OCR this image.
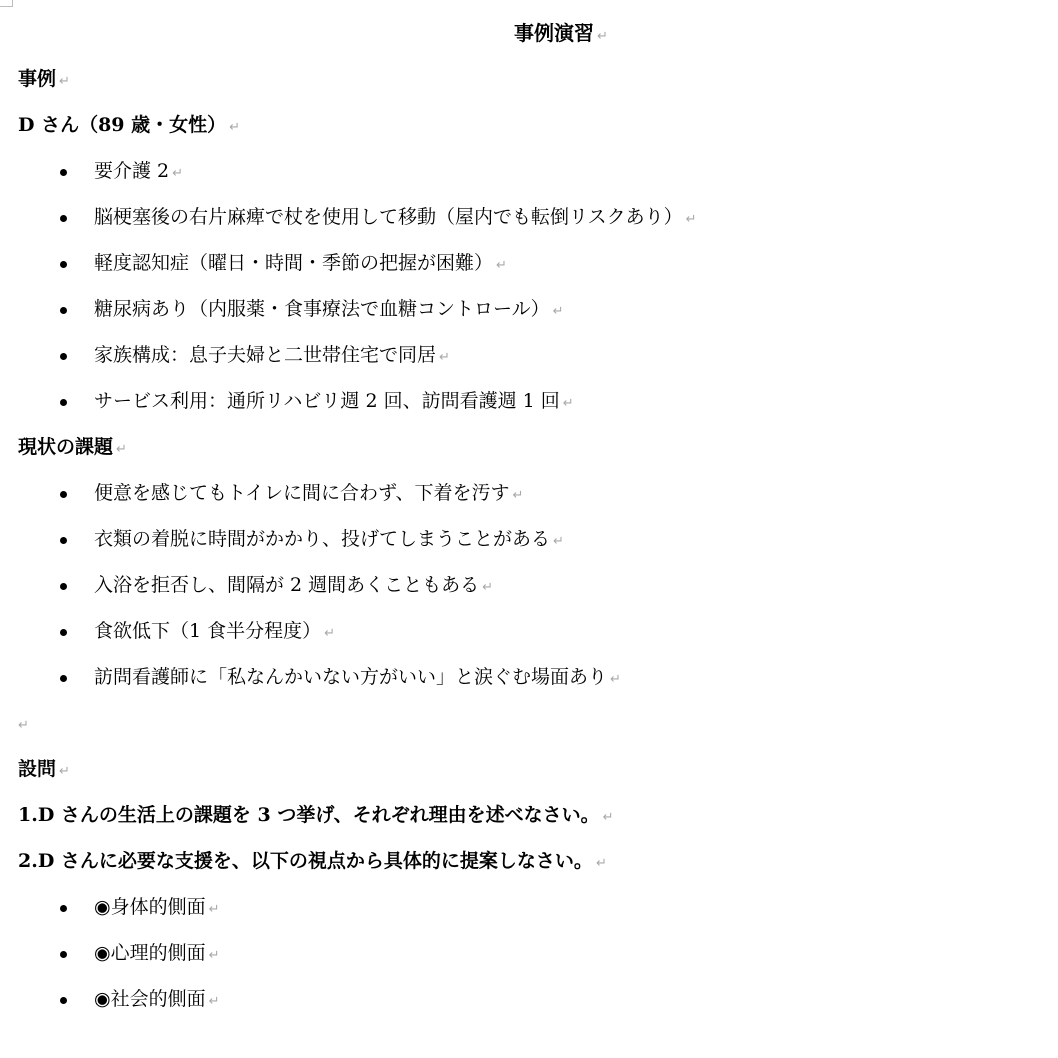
事例演習 ↵
事例 ↵
D さん（89 歳・女性） ↵
要介護 2 ↵
脳梗塞後の右片麻痺で杖を使用して移動（屋内でも転倒リスクあり） ↵
軽度認知症（曜日・時間・季節の把握が困難） ↵
糖尿病あり（内服薬・食事療法で血糖コントロール） ↵
家族構成：息子夫婦と二世帯住宅で同居 ↵
サービス利用：通所リハビリ週 2 回、訪問看護週 1 回 ↵
現状の課題 ↵
便意を感じてもトイレに間に合わず、下着を汚す ↵
衣類の着脱に時間がかかり、投げてしまうことがある ↵
入浴を拒否し、間隔が 2 週間あくこともある ↵
食欲低下（1 食半分程度） ↵
訪問看護師に「私なんかいない方がいい」と涙ぐむ場面あり ↵
↵
設問 ↵
1.D さんの生活上の課題を 3 つ挙げ、それぞれ理由を述べなさい。 ↵
2.D さんに必要な支援を、以下の視点から具体的に提案しなさい。 ↵
◉身体的側面 ↵
◉心理的側面 ↵
◉社会的側面 ↵
